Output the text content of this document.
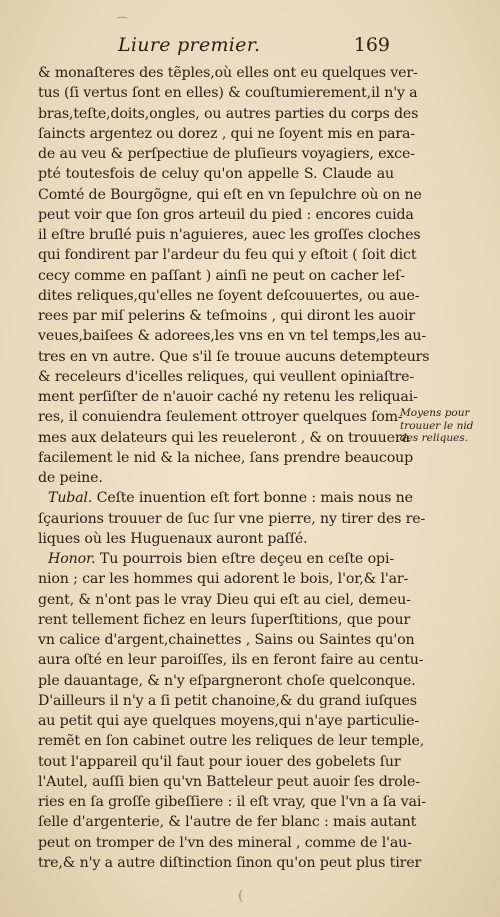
⌒
Liure premier.	169
& monaſteres des tẽples,où elles ont eu quelques ver-
tus (ſi vertus ſont en elles) & couſtumierement,il n'y a
bras,teſte,doits,ongles, ou autres parties du corps des
ſaincts argentez ou dorez , qui ne ſoyent mis en para-
de au veu & perſpectiue de pluſieurs voyagiers, exce-
pté toutesfois de celuy qu'on appelle S. Claude au
Comté de Bourgõgne, qui eſt en vn ſepulchre où on ne
peut voir que ſon gros arteuil du pied : encores cuida
il eſtre bruſlé puis n'aguieres, auec les groſſes cloches
qui fondirent par l'ardeur du feu qui y eſtoit ( ſoit dict
cecy comme en paſſant ) ainſi ne peut on cacher leſ-
dites reliques,qu'elles ne ſoyent deſcouuertes, ou aue-
rees par miſ pelerins & teſmoins , qui diront les auoir
veues,baiſees & adorees,les vns en vn tel temps,les au-
tres en vn autre. Que s'il ſe trouue aucuns detempteurs
& receleurs d'icelles reliques, qui veullent opiniaſtre-
ment perſiſter de n'auoir caché ny retenu les reliquai-
res, il conuiendra ſeulement ottroyer quelques ſom-
mes aux delateurs qui les reueleront , & on trouuera
facilement le nid & la nichee, ſans prendre beaucoup
de peine.
Tubal. Ceſte inuention eſt fort bonne : mais nous ne
ſçaurions trouuer de ſuc ſur vne pierre, ny tirer des re-
liques où les Huguenaux auront paſſé.
Honor. Tu pourrois bien eſtre deçeu en ceſte opi-
nion ; car les hommes qui adorent le bois, l'or,& l'ar-
gent, & n'ont pas le vray Dieu qui eſt au ciel, demeu-
rent tellement fichez en leurs ſuperſtitions, que pour
vn calice d'argent,chainettes , Sains ou Saintes qu'on
aura oſté en leur paroiſſes, ils en feront faire au centu-
ple dauantage, & n'y eſpargneront choſe quelconque.
D'ailleurs il n'y a ſi petit chanoine,& du grand iuſques
au petit qui aye quelques moyens,qui n'aye particulie-
remẽt en ſon cabinet outre les reliques de leur temple,
tout l'appareil qu'il faut pour iouer des gobelets ſur
l'Autel, auſſi bien qu'vn Batteleur peut auoir ſes drole-
ries en ſa groſſe gibeſſiere : il eſt vray, que l'vn a ſa vai-
ſelle d'argenterie, & l'autre de fer blanc : mais autant
peut on tromper de l'vn des mineral , comme de l'au-
tre,& n'y a autre diſtinction ſinon qu'on peut plus tirer
Moyens pour
trouuer le nid
des reliques.
(
